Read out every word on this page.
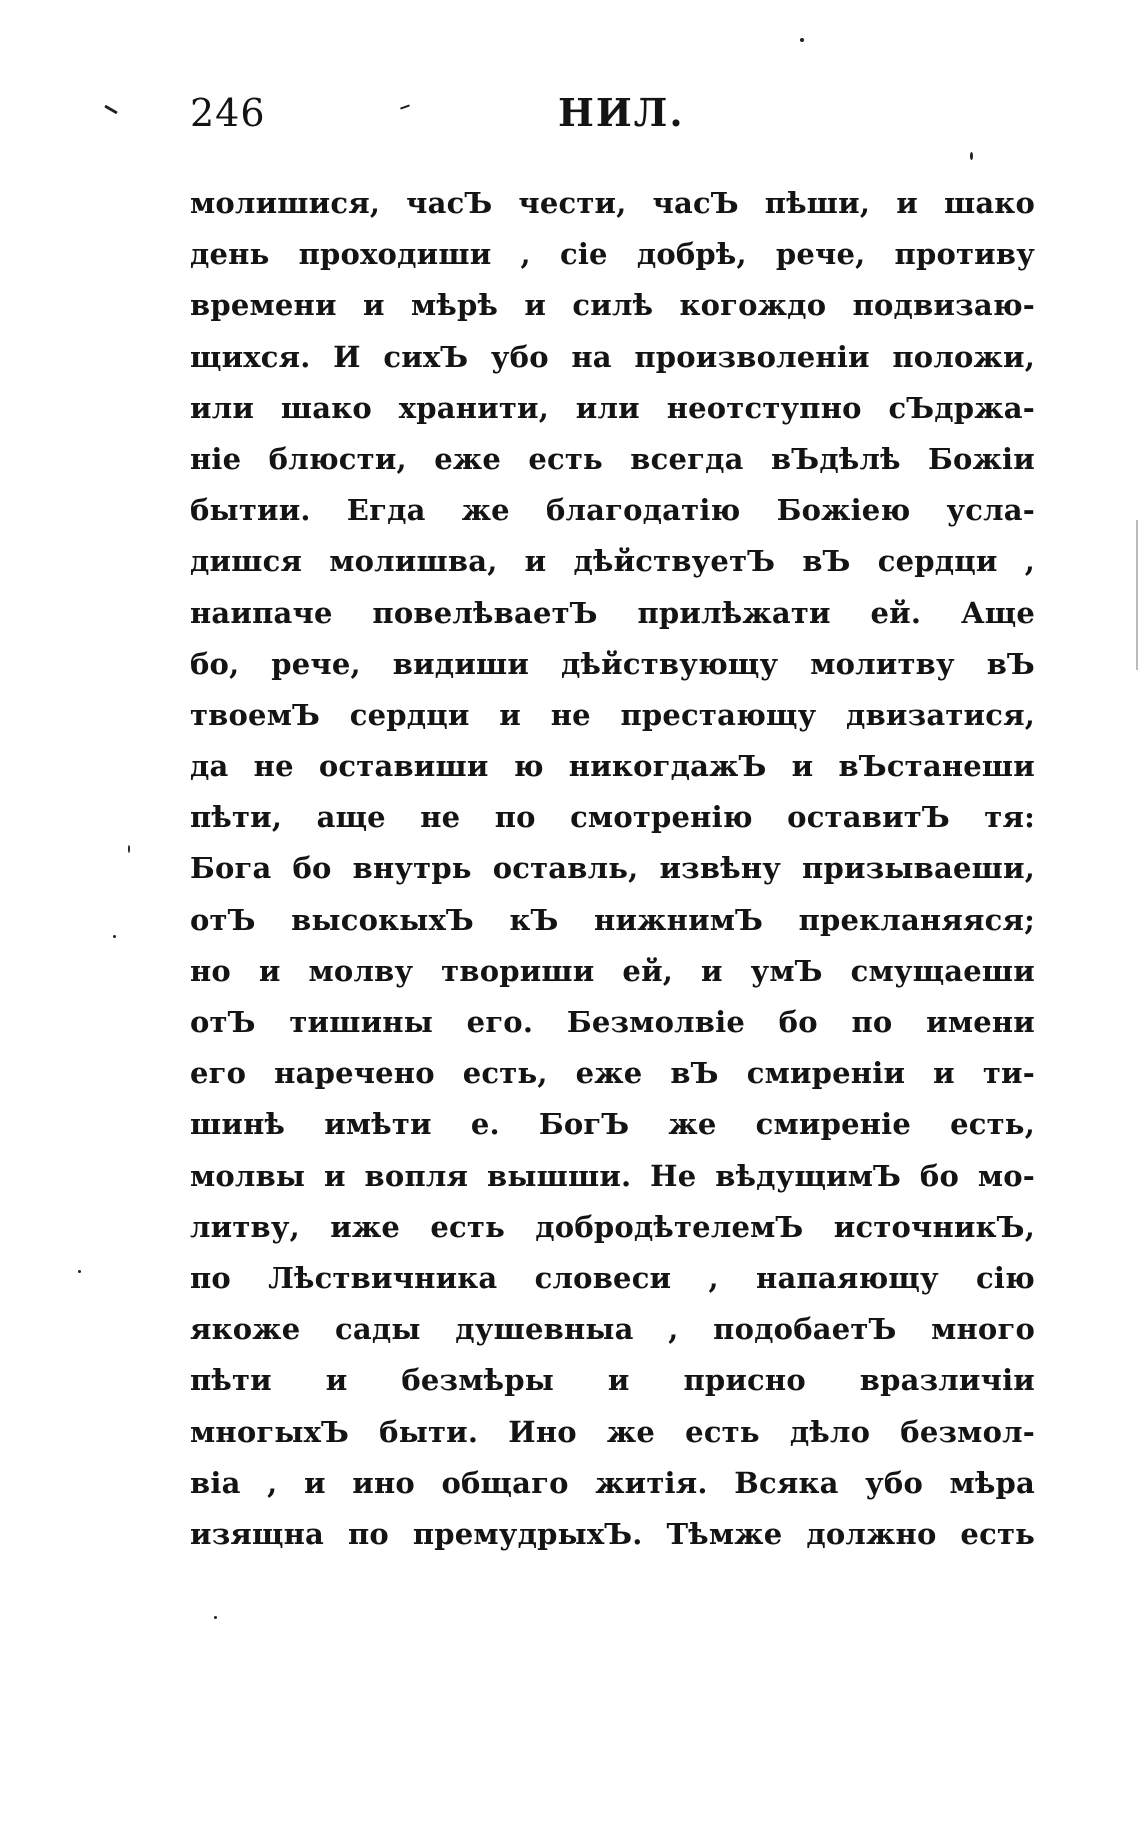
246	НИЛ.
молишися, часЪ чести, часЪ пѣши, и шако
день проходиши , сіе добрѣ, рече, противу
времени и мѣрѣ и силѣ когождо подвизаю-
щихся. И сихЪ убо на произволеніи положи,
или шако хранити, или неотступно сЪдржа-
ніе блюсти, еже есть всегда вЪдѣлѣ Божіи
бытии. Егда же благодатію Божіею усла-
дишся молишва, и дѣйствуетЪ вЪ сердци ,
наипаче повелѣваетЪ прилѣжати ей. Аще
бо, рече, видиши дѣйствующу молитву вЪ
твоемЪ сердци и не престающу двизатися,
да не оставиши ю никогдажЪ и вЪстанеши
пѣти, аще не по смотренію оставитЪ тя:
Бога бо внутрь оставль, извѣну призываеши,
отЪ высокыхЪ кЪ нижнимЪ прекланяяся;
но и молву твориши ей, и умЪ смущаеши
отЪ тишины его. Безмолвіе бо по имени
его наречено есть, еже вЪ смиреніи и ти-
шинѣ имѣти е. БогЪ же смиреніе есть,
молвы и вопля вышши. Не вѣдущимЪ бо мо-
литву, иже есть добродѣтелемЪ источникЪ,
по Лѣствичника словеси , напаяющу сію
якоже сады душевныа , подобаетЪ много
пѣти и безмѣры и присно вразличіи
многыхЪ быти. Ино же есть дѣло безмол-
віа , и ино общаго житія. Всяка убо мѣра
изящна по премудрыхЪ. Тѣмже должно есть
